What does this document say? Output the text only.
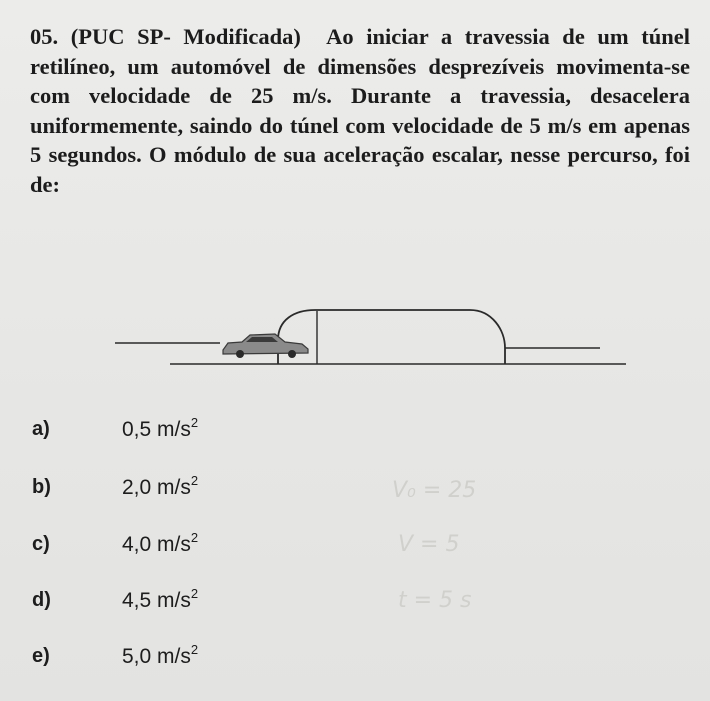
05. (PUC SP- Modificada) Ao iniciar a travessia de um túnel retilíneo, um automóvel de dimensões desprezíveis movimenta-se com velocidade de 25 m/s. Durante a travessia, desacelera uniformemente, saindo do túnel com velocidade de 5 m/s em apenas 5 segundos. O módulo de sua aceleração escalar, nesse percurso, foi de:

a)	0,5 $m/s^2$
b)	2,0 $m/s^2$
c)	4,0 $m/s^2$
d)	4,5 $m/s^2$
e)	5,0 $m/s^2$
V₀ = 25
V = 5
t = 5 s
